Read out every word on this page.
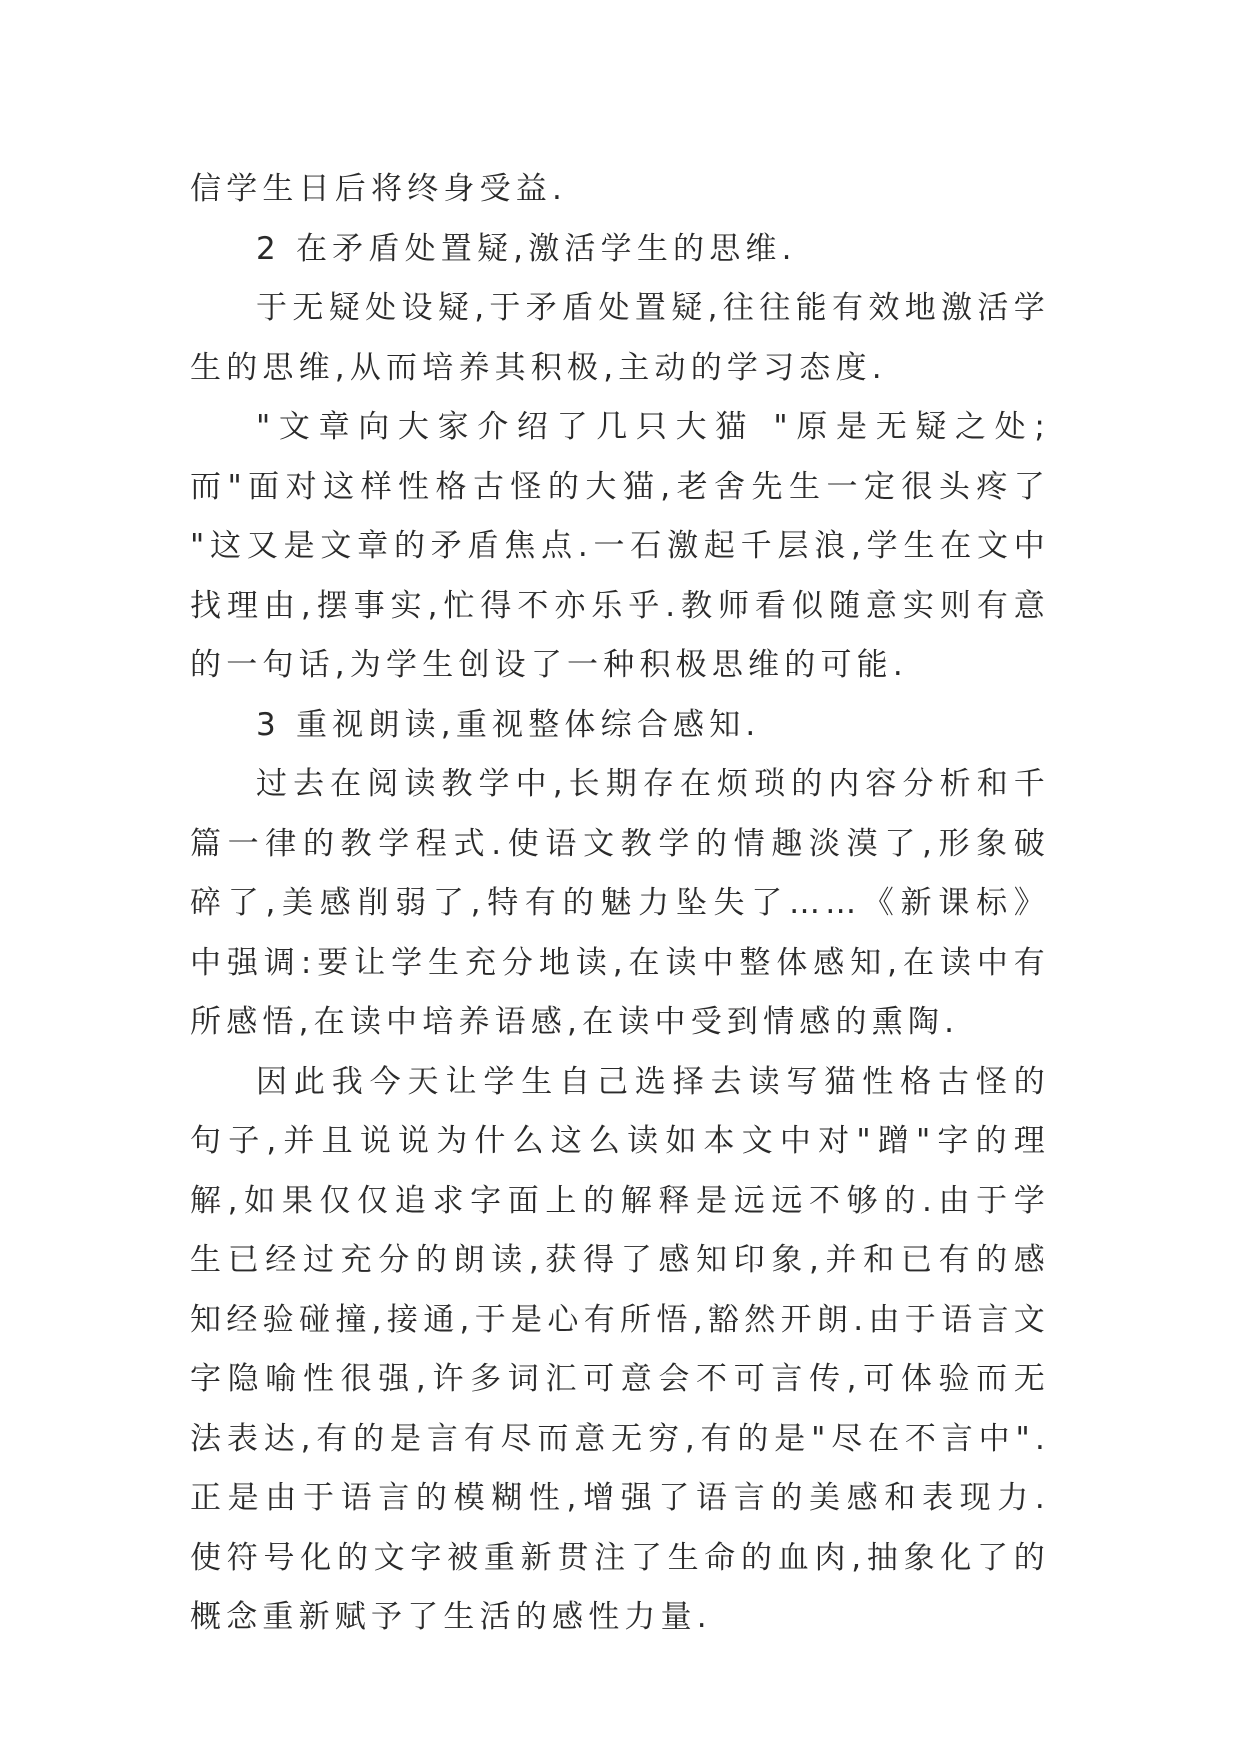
信学生日后将终身受益.

2 在矛盾处置疑,激活学生的思维.

于无疑处设疑,于矛盾处置疑,往往能有效地激活学生的思维,从而培养其积极,主动的学习态度.

"文章向大家介绍了几只大猫 "原是无疑之处;而"面对这样性格古怪的大猫,老舍先生一定很头疼了 "这又是文章的矛盾焦点.一石激起千层浪,学生在文中找理由,摆事实,忙得不亦乐乎.教师看似随意实则有意的一句话,为学生创设了一种积极思维的可能.

3 重视朗读,重视整体综合感知.

过去在阅读教学中,长期存在烦琐的内容分析和千篇一律的教学程式.使语文教学的情趣淡漠了,形象破碎了,美感削弱了,特有的魅力坠失了……《新课标》中强调:要让学生充分地读,在读中整体感知,在读中有所感悟,在读中培养语感,在读中受到情感的熏陶.

因此我今天让学生自己选择去读写猫性格古怪的句子,并且说说为什么这么读如本文中对"蹭"字的理解,如果仅仅追求字面上的解释是远远不够的.由于学生已经过充分的朗读,获得了感知印象,并和已有的感知经验碰撞,接通,于是心有所悟,豁然开朗.由于语言文字隐喻性很强,许多词汇可意会不可言传,可体验而无法表达,有的是言有尽而意无穷,有的是"尽在不言中".正是由于语言的模糊性,增强了语言的美感和表现力.使符号化的文字被重新贯注了生命的血肉,抽象化了的概念重新赋予了生活的感性力量.
